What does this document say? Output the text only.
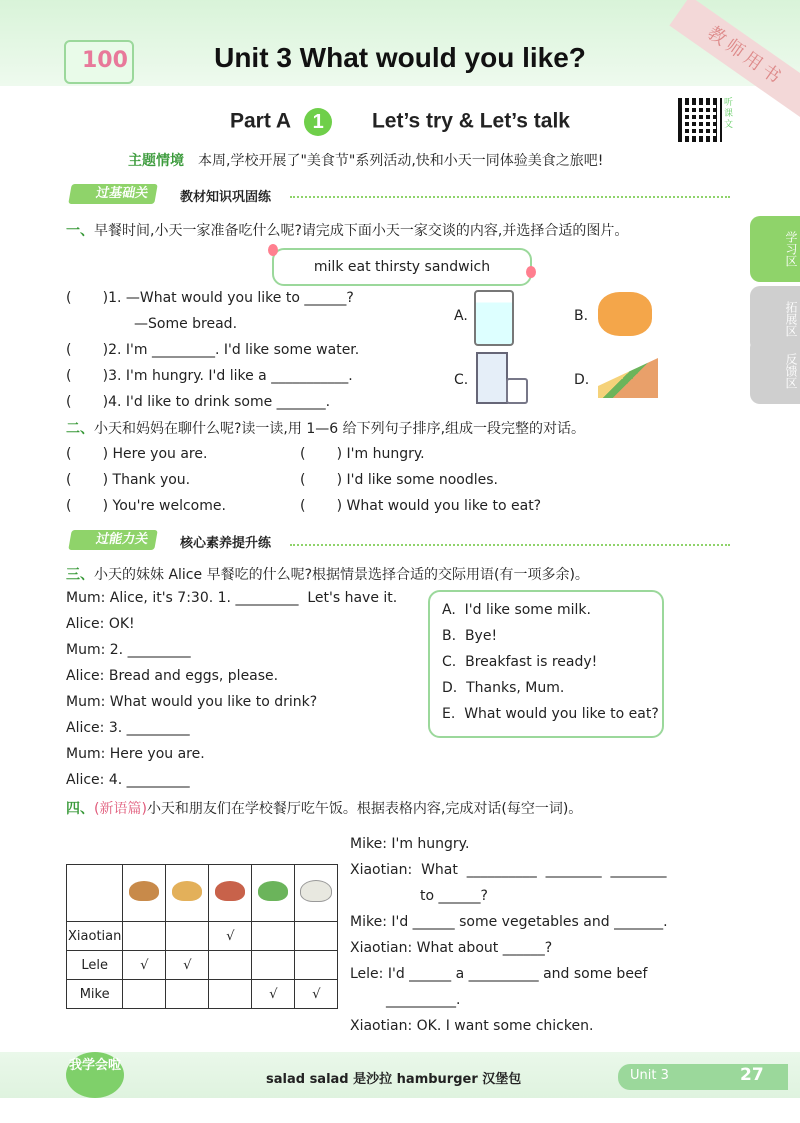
100	教师用书
Unit 3 What would you like?
Part A 1 Let’s try & Let’s talk
听课文
主题情境 本周,学校开展了"美食节"系列活动,快和小天一同体验美食之旅吧!
过基础关	教材知识巩固练
一、早餐时间,小天一家准备吃什么呢?请完成下面小天一家交谈的内容,并选择合适的图片。
milk eat thirsty sandwich
(       )1. —What would you like to ______?
—Some bread.
(       )2. I'm _________. I'd like some water.
(       )3. I'm hungry. I'd like a ___________.
(       )4. I'd like to drink some _______.
A.	B.
C.	D.
二、小天和妈妈在聊什么呢?读一读,用 1—6 给下列句子排序,组成一段完整的对话。
(       ) Here you are.	(       ) I'm hungry.
(       ) Thank you.	(       ) I'd like some noodles.
(       ) You're welcome.	(       ) What would you like to eat?
过能力关	核心素养提升练
三、小天的妹妹 Alice 早餐吃的什么呢?根据情景选择合适的交际用语(有一项多余)。
Mum: Alice, it's 7:30. 1. _________  Let's have it.
Alice: OK!
Mum: 2. _________
Alice: Bread and eggs, please.
Mum: What would you like to drink?
Alice: 3. _________
Mum: Here you are.
Alice: 4. _________
A.  I'd like some milk.
B.  Bye!
C.  Breakfast is ready!
D.  Thanks, Mum.
E.  What would you like to eat?
四、(新语篇)小天和朋友们在学校餐厅吃午饭。根据表格内容,完成对话(每空一词)。

Xiaotian			√		
Lele	√	√			
Mike				√	√
Mike: I'm hungry.
Xiaotian:  What  __________  ________  ________
to ______?
Mike: I'd ______ some vegetables and _______.
Xiaotian: What about ______?
Lele: I'd ______ a __________ and some beef
__________.
Xiaotian: OK. I want some chicken.
学习区
拓展区
反馈区
我学会啦
salad salad 是沙拉 hamburger 汉堡包	Unit 3	27
